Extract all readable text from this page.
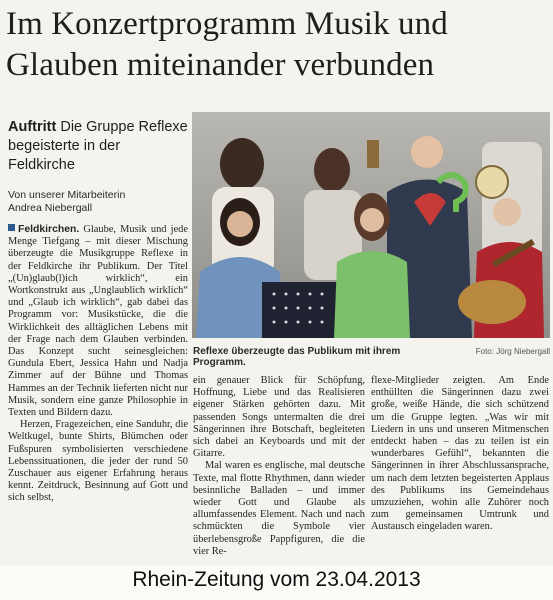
Im Konzertprogramm Musik und Glauben miteinander verbunden
Auftritt Die Gruppe Reflexe begeisterte in der Feldkirche
Von unserer Mitarbeiterin
Andrea Niebergall

Feldkirchen. Glaube, Musik und jede Menge Tiefgang – mit dieser Mischung überzeugte die Musikgruppe Reflexe in der Feldkirche ihr Publikum. Der Titel „(Un)glaub(l)ich wirklich“, ein Wortkonstrukt aus „Unglaublich wirklich“ und „Glaub ich wirklich“, gab dabei das Programm vor: Musikstücke, die die Wirklichkeit des alltäglichen Lebens mit der Frage nach dem Glauben verbinden. Das Konzept sucht seinesgleichen: Gundula Ebert, Jessica Hahn und Nadja Zimmer auf der Bühne und Thomas Hammes an der Technik lieferten nicht nur Musik, sondern eine ganze Philosophie in Texten und Bildern dazu.

Herzen, Fragezeichen, eine Sanduhr, die Weltkugel, bunte Shirts, Blümchen oder Fußspuren symbolisierten verschiedene Lebenssituationen, die jeder der rund 50 Zuschauer aus eigener Erfahrung heraus kennt. Zeitdruck, Besinnung auf Gott und sich selbst,

Reflexe überzeugte das Publikum mit ihrem Programm.
Foto: Jörg Niebergall

ein genauer Blick für Schöpfung, Hoffnung, Liebe und das Realisieren eigener Stärken gehörten dazu. Mit passenden Songs untermalten die drei Sängerinnen ihre Botschaft, begleiteten sich dabei an Keyboards und mit der Gitarre.

Mal waren es englische, mal deutsche Texte, mal flotte Rhythmen, dann wieder besinnliche Balladen – und immer wieder Gott und Glaube als allumfassendes Element. Nach und nach schmückten die Symbole vier überlebensgroße Pappfiguren, die die vier Re-

flexe-Mitglieder zeigten. Am Ende enthüllten die Sängerinnen dazu zwei große, weiße Hände, die sich schützend um die Gruppe legten. „Was wir mit Liedern in uns und unseren Mitmenschen entdeckt haben – das zu teilen ist ein wunderbares Gefühl“, bekannten die Sängerinnen in ihrer Abschlussansprache, um nach dem letzten begeisterten Applaus des Publikums ins Gemeindehaus umzuziehen, wohin alle Zuhörer noch zum gemeinsamen Umtrunk und Austausch eingeladen waren.

Rhein-Zeitung vom 23.04.2013
